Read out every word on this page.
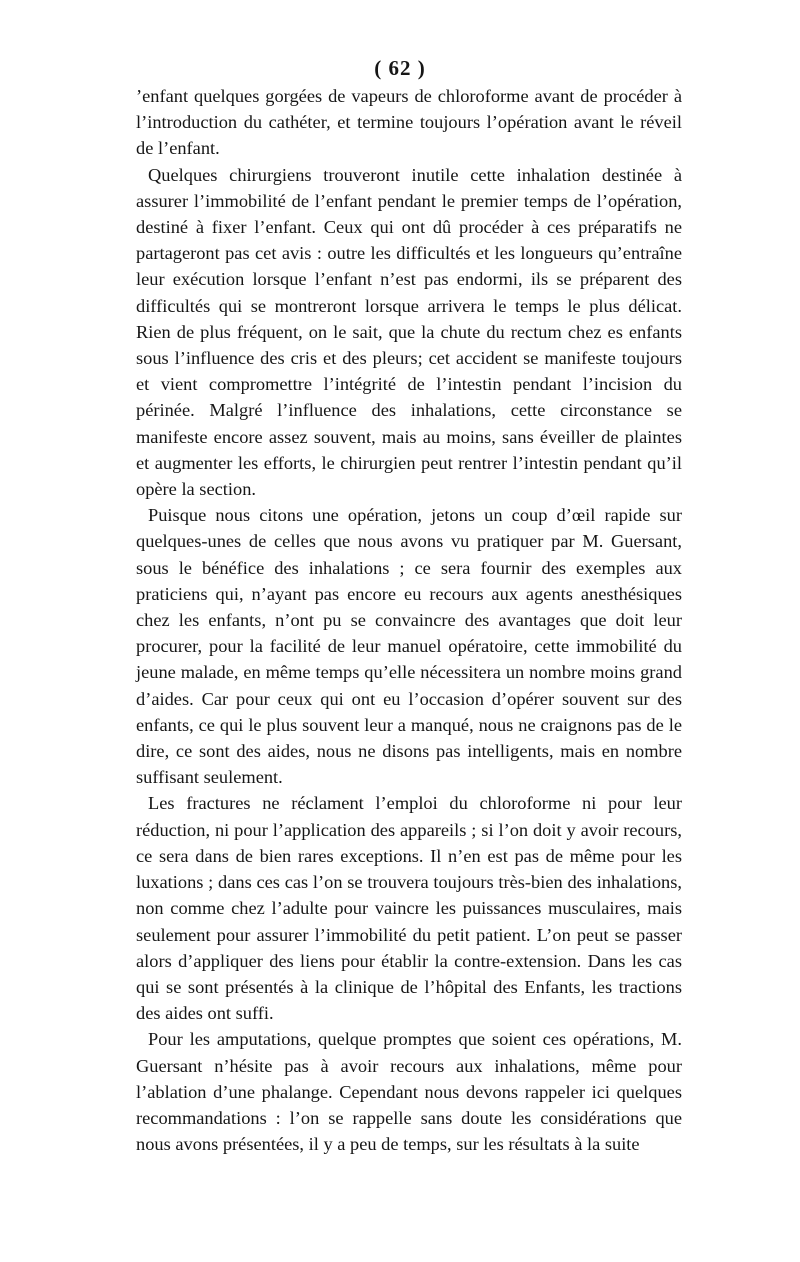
( 62 )

’enfant quelques gorgées de vapeurs de chloroforme avant de procéder à l’introduction du cathéter, et termine toujours l’opération avant le réveil de l’enfant.

Quelques chirurgiens trouveront inutile cette inhalation destinée à assurer l’immobilité de l’enfant pendant le premier temps de l’opération, destiné à fixer l’enfant. Ceux qui ont dû procéder à ces préparatifs ne partageront pas cet avis : outre les difficultés et les longueurs qu’entraîne leur exécution lorsque l’enfant n’est pas endormi, ils se préparent des difficultés qui se montreront lorsque arrivera le temps le plus délicat. Rien de plus fréquent, on le sait, que la chute du rectum chez es enfants sous l’influence des cris et des pleurs; cet accident se manifeste toujours et vient compromettre l’intégrité de l’intestin pendant l’incision du périnée. Malgré l’influence des inhalations, cette circonstance se manifeste encore assez souvent, mais au moins, sans éveiller de plaintes et augmenter les efforts, le chirurgien peut rentrer l’intestin pendant qu’il opère la section.

Puisque nous citons une opération, jetons un coup d’œil rapide sur quelques-unes de celles que nous avons vu pratiquer par M. Guersant, sous le bénéfice des inhalations ; ce sera fournir des exemples aux praticiens qui, n’ayant pas encore eu recours aux agents anesthésiques chez les enfants, n’ont pu se convaincre des avantages que doit leur procurer, pour la facilité de leur manuel opératoire, cette immobilité du jeune malade, en même temps qu’elle nécessitera un nombre moins grand d’aides. Car pour ceux qui ont eu l’occasion d’opérer souvent sur des enfants, ce qui le plus souvent leur a manqué, nous ne craignons pas de le dire, ce sont des aides, nous ne disons pas intelligents, mais en nombre suffisant seulement.

Les fractures ne réclament l’emploi du chloroforme ni pour leur réduction, ni pour l’application des appareils ; si l’on doit y avoir recours, ce sera dans de bien rares exceptions. Il n’en est pas de même pour les luxations ; dans ces cas l’on se trouvera toujours très-bien des inhalations, non comme chez l’adulte pour vaincre les puissances musculaires, mais seulement pour assurer l’immobilité du petit patient. L’on peut se passer alors d’appliquer des liens pour établir la contre-extension. Dans les cas qui se sont présentés à la clinique de l’hôpital des Enfants, les tractions des aides ont suffi.

Pour les amputations, quelque promptes que soient ces opérations, M. Guersant n’hésite pas à avoir recours aux inhalations, même pour l’ablation d’une phalange. Cependant nous devons rappeler ici quelques recommandations : l’on se rappelle sans doute les considérations que nous avons présentées, il y a peu de temps, sur les résultats à la suite
